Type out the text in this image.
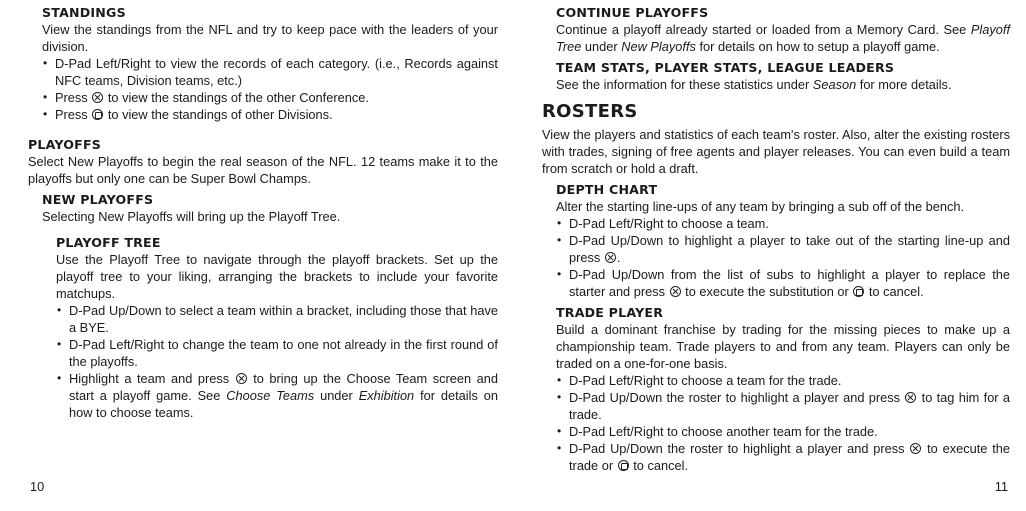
STANDINGS

View the standings from the NFL and try to keep pace with the leaders of your division.

• D-Pad Left/Right to view the records of each category. (i.e., Records against NFC teams, Division teams, etc.)
• Press  to view the standings of the other Conference.
• Press  to view the standings of other Divisions.
PLAYOFFS

Select New Playoffs to begin the real season of the NFL. 12 teams make it to the playoffs but only one can be Super Bowl Champs.

NEW PLAYOFFS

Selecting New Playoffs will bring up the Playoff Tree.

PLAYOFF TREE

Use the Playoff Tree to navigate through the playoff brackets. Set up the playoff tree to your liking, arranging the brackets to include your favorite matchups.

• D-Pad Up/Down to select a team within a bracket, including those that have a BYE.
• D-Pad Left/Right to change the team to one not already in the first round of the playoffs.
• Highlight a team and press  to bring up the Choose Team screen and start a playoff game. See Choose Teams under Exhibition for details on how to choose teams.
10
CONTINUE PLAYOFFS

Continue a playoff already started or loaded from a Memory Card. See Playoff Tree under New Playoffs for details on how to setup a playoff game.

TEAM STATS, PLAYER STATS, LEAGUE LEADERS

See the information for these statistics under Season for more details.

ROSTERS

View the players and statistics of each team's roster. Also, alter the existing rosters with trades, signing of free agents and player releases. You can even build a team from scratch or hold a draft.

DEPTH CHART

Alter the starting line-ups of any team by bringing a sub off of the bench.

• D-Pad Left/Right to choose a team.
• D-Pad Up/Down to highlight a player to take out of the starting line-up and press .
• D-Pad Up/Down from the list of subs to highlight a player to replace the starter and press  to execute the substitution or  to cancel.
TRADE PLAYER

Build a dominant franchise by trading for the missing pieces to make up a championship team. Trade players to and from any team. Players can only be traded on a one-for-one basis.

• D-Pad Left/Right to choose a team for the trade.
• D-Pad Up/Down the roster to highlight a player and press  to tag him for a trade.
• D-Pad Left/Right to choose another team for the trade.
• D-Pad Up/Down the roster to highlight a player and press  to execute the trade or  to cancel.
11
